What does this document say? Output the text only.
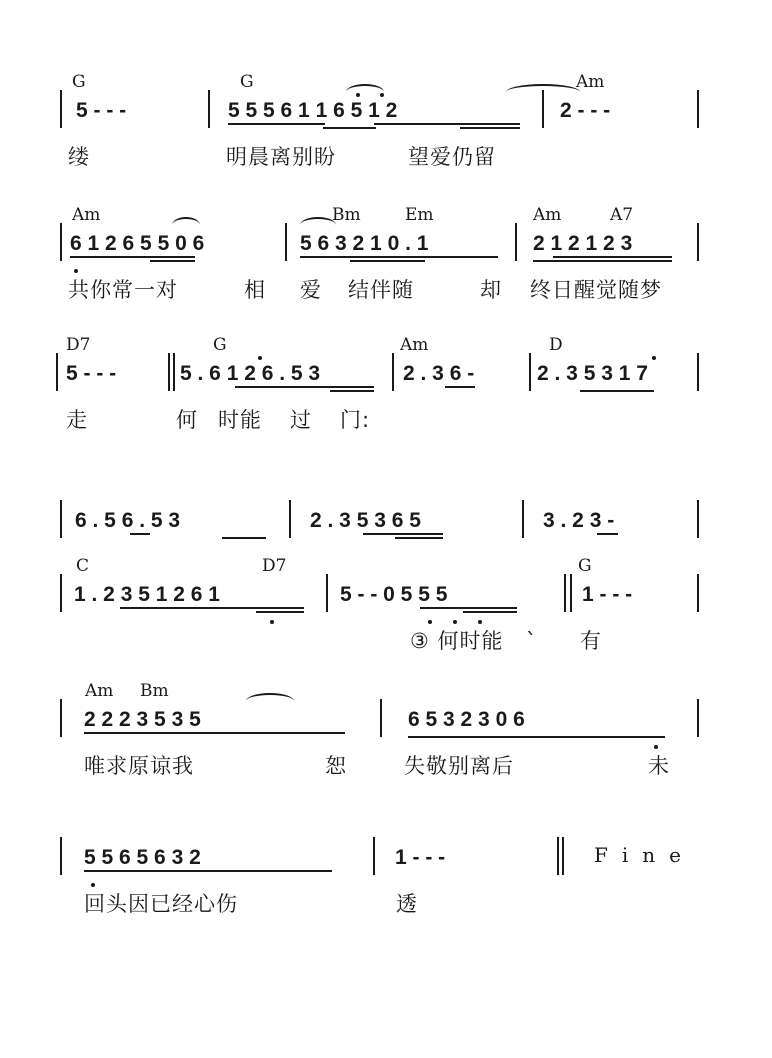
G	G	Am
5 - - -	5 5 5 6 1 1 6 5 1 2	2 - - -
缕	明晨离别盼	望爱仍留
Am	Bm	Em	Am	A7
6 1 2 6 5 5 0 6	5 6 3 2 1 0 . 1	2 1 2 1 2 3
共你常一对	相 爱 结伴随	却 终日醒觉随梦
D7	G	Am	D
5 - - -	5 . 6 1 2 6 . 5 3	2 . 3 6 -	2 . 3 5 3 1 7
走	何 时能 过 门:
6 . 5 6 . 5 3	2 . 3 5 3 6 5	3 . 2 3 -
C	D7	G
1 . 2 3 5 1 2 6 1	5 - - 0 5 5 5	1 - - -
③ 何时能 ` 有
Am Bm
2 2 2 3 5 3 5	6 5 3 2 3 0 6
唯求原谅我	恕	失敬别离后	未
5 5 6 5 6 3 2	1 - - -
回头因已经心伤	透
Fine
